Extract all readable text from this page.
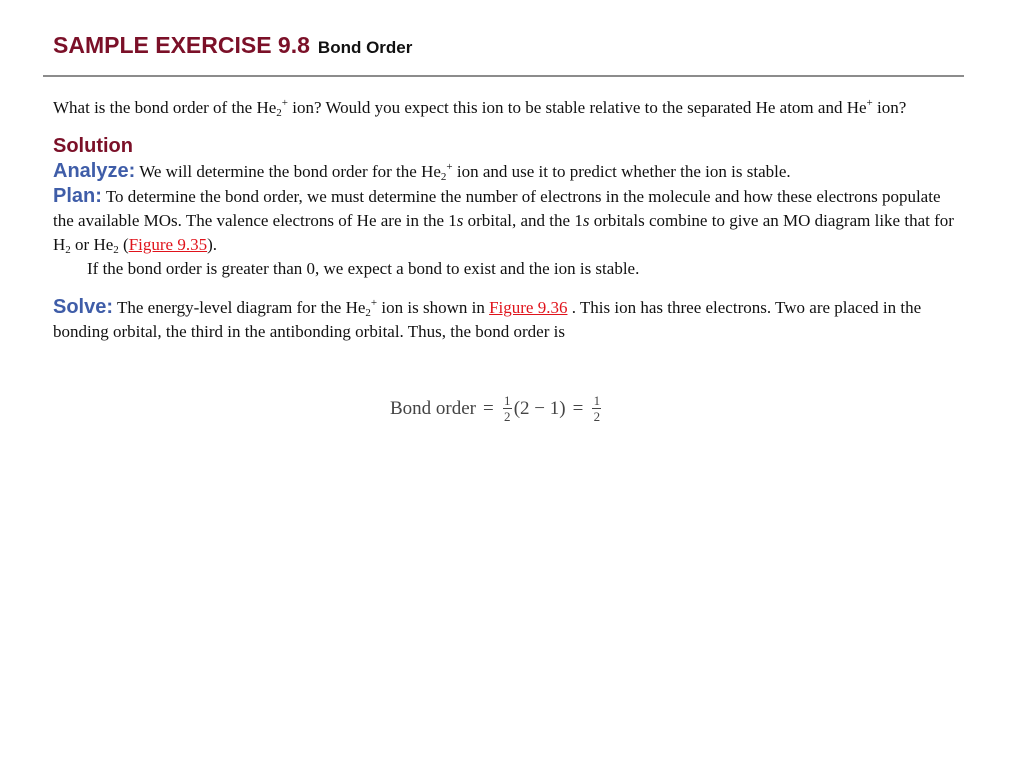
SAMPLE EXERCISE 9.8 Bond Order

What is the bond order of the $He_2^+$ ion? Would you expect this ion to be stable relative to the separated He atom and He+ ion?

Solution

Analyze: We will determine the bond order for the $He_2^+$ ion and use it to predict whether the ion is stable.

Plan: To determine the bond order, we must determine the number of electrons in the molecule and how these electrons populate the available MOs. The valence electrons of He are in the 1s orbital, and the 1s orbitals combine to give an MO diagram like that for $H_2$ or $He_2$ (Figure 9.35).

If the bond order is greater than 0, we expect a bond to exist and the ion is stable.

Solve: The energy-level diagram for the $He_2^+$ ion is shown in Figure 9.36 . This ion has three electrons. Two are placed in the bonding orbital, the third in the antibonding orbital. Thus, the bond order is

Bond order = $\frac{1}{2} (2 - 1) = \frac{1}{2}$
